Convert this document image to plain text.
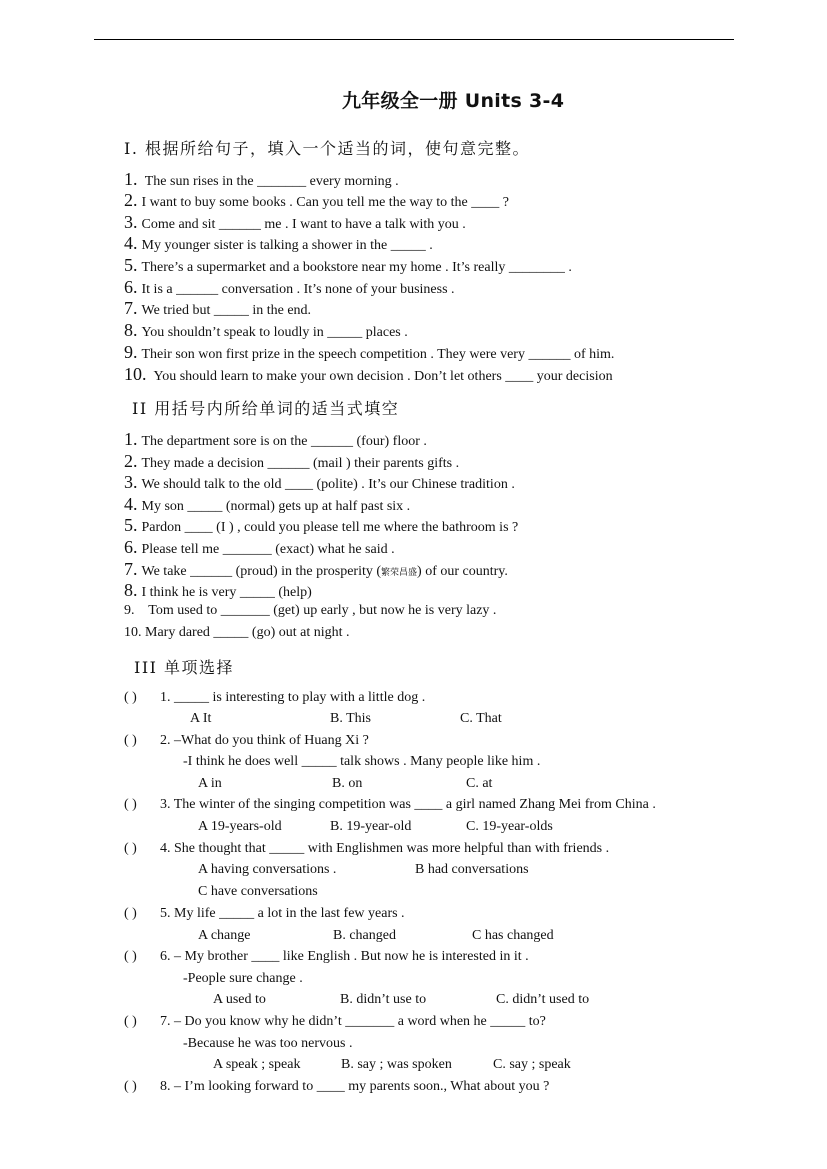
九年级全一册 Units 3-4
I. 根据所给句子，填入一个适当的词，使句意完整。
1. The sun rises in the _______ every morning .
2. I want to buy some books . Can you tell me the way to the ____ ?
3. Come and sit ______ me . I want to have a talk with you .
4. My younger sister is talking a shower in the _____ .
5. There’s a supermarket and a bookstore near my home . It’s really ________ .
6. It is a ______ conversation . It’s none of your business .
7. We tried but _____ in the end.
8. You shouldn’t speak to loudly in _____ places .
9. Their son won first prize in the speech competition . They were very ______ of him.
10. You should learn to make your own decision . Don’t let others ____ your decision
II 用括号内所给单词的适当式填空
1. The department sore is on the ______ (four) floor .
2. They made a decision ______ (mail ) their parents gifts .
3. We should talk to the old ____ (polite) . It’s our Chinese tradition .
4. My son _____ (normal) gets up at half past six .
5. Pardon ____ (I ) , could you please tell me where the bathroom is ?
6. Please tell me _______ (exact) what he said .
7. We take ______ (proud) in the prosperity (繁荣昌盛) of our country.
8. I think he is very _____ (help)
9. Tom used to _______ (get) up early , but now he is very lazy .
10. Mary dared _____ (go) out at night .
III 单项选择
( ) 1. _____ is interesting to play with a little dog .
A It	B. This	C. That
( ) 2. –What do you think of Huang Xi ?
-I think he does well _____ talk shows . Many people like him .
A in	B. on	C. at
( ) 3. The winter of the singing competition was ____ a girl named Zhang Mei from China .
A 19-years-old	B. 19-year-old	C. 19-year-olds
( ) 4. She thought that _____ with Englishmen was more helpful than with friends .
A having conversations .	B had conversations
C have conversations
( ) 5. My life _____ a lot in the last few years .
A change	B. changed	C has changed
( ) 6. – My brother ____ like English . But now he is interested in it .
-People sure change .
A used to	B. didn’t use to	C. didn’t used to
( ) 7. – Do you know why he didn’t _______ a word when he _____ to?
-Because he was too nervous .
A speak ; speak	B. say ; was spoken	C. say ; speak
( ) 8. – I’m looking forward to ____ my parents soon., What about you ?
